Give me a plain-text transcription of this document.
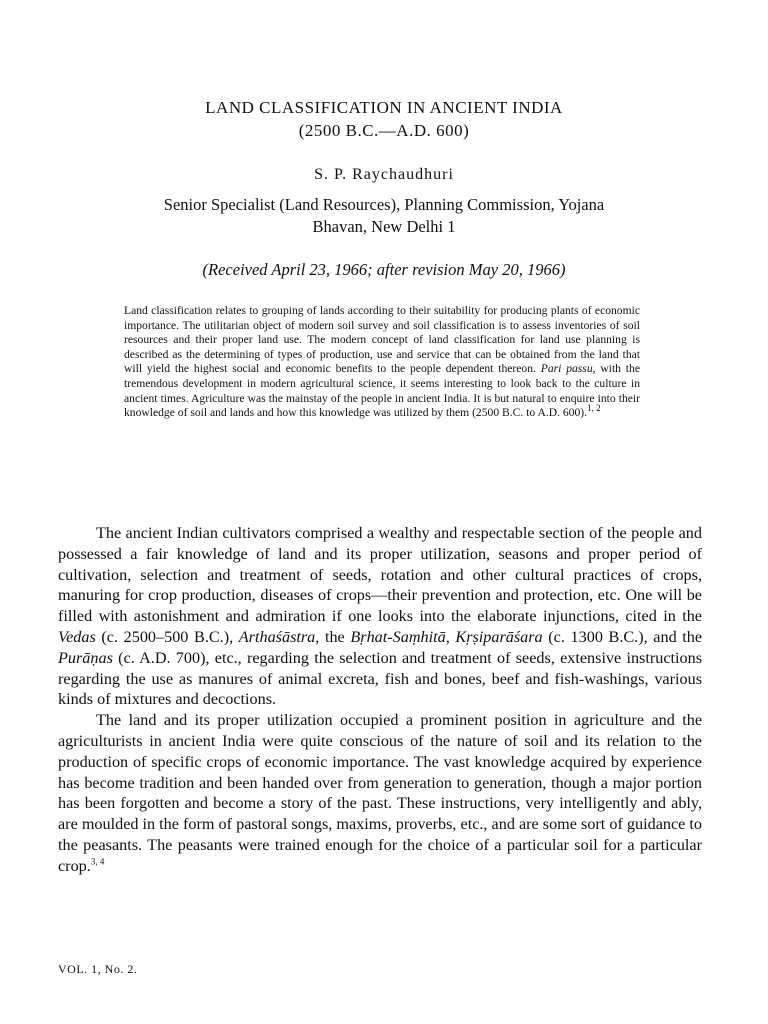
LAND CLASSIFICATION IN ANCIENT INDIA
(2500 B.C.—A.D. 600)
S. P. Raychaudhuri
Senior Specialist (Land Resources), Planning Commission, Yojana
Bhavan, New Delhi 1
(Received April 23, 1966; after revision May 20, 1966)

Land classification relates to grouping of lands according to their suitability for producing plants of economic importance. The utilitarian object of modern soil survey and soil classification is to assess inventories of soil resources and their proper land use. The modern concept of land classification for land use planning is described as the determining of types of production, use and service that can be obtained from the land that will yield the highest social and economic benefits to the people dependent thereon. Pari passu, with the tremendous development in modern agricultural science, it seems interesting to look back to the culture in ancient times. Agriculture was the mainstay of the people in ancient India. It is but natural to enquire into their knowledge of soil and lands and how this knowledge was utilized by them (2500 B.C. to A.D. 600).$^{1, 2}$

The ancient Indian cultivators comprised a wealthy and respectable section of the people and possessed a fair knowledge of land and its proper utilization, seasons and proper period of cultivation, selection and treatment of seeds, rotation and other cultural practices of crops, manuring for crop production, diseases of crops—their prevention and protection, etc. One will be filled with astonishment and admiration if one looks into the elaborate injunctions, cited in the Vedas (c. 2500–500 B.C.), Arthaśāstra, the Bṛhat-Saṃhitā, Kṛṣiparāśara (c. 1300 B.C.), and the Purāṇas (c. A.D. 700), etc., regarding the selection and treatment of seeds, extensive instructions regarding the use as manures of animal excreta, fish and bones, beef and fish-washings, various kinds of mixtures and decoctions.

The land and its proper utilization occupied a prominent position in agriculture and the agriculturists in ancient India were quite conscious of the nature of soil and its relation to the production of specific crops of economic importance. The vast knowledge acquired by experience has become tradition and been handed over from generation to generation, though a major portion has been forgotten and become a story of the past. These instructions, very intelligently and ably, are moulded in the form of pastoral songs, maxims, proverbs, etc., and are some sort of guidance to the peasants. The peasants were trained enough for the choice of a particular soil for a particular crop.$^{3, 4}$

VOL. 1, No. 2.
